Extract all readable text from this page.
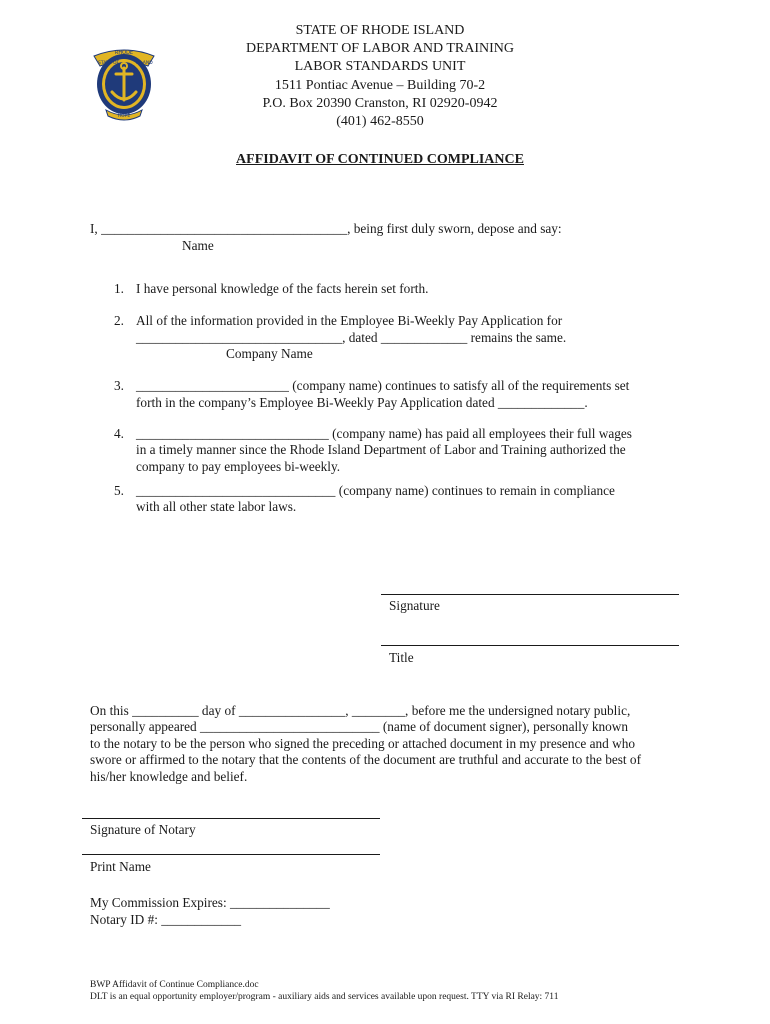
RHODE
STATE OF	ISLAND
HOPE
STATE OF RHODE ISLAND
DEPARTMENT OF LABOR AND TRAINING
LABOR STANDARDS UNIT
1511 Pontiac Avenue – Building 70-2
P.O. Box 20390 Cranston, RI 02920-0942
(401) 462-8550
AFFIDAVIT OF CONTINUED COMPLIANCE
I, _____________________________________, being first duly sworn, depose and say:
Name
1. I have personal knowledge of the facts herein set forth.
2. All of the information provided in the Employee Bi-Weekly Pay Application for
_______________________________, dated _____________ remains the same.
Company Name
3. _______________________ (company name) continues to satisfy all of the requirements set
forth in the company’s Employee Bi-Weekly Pay Application dated _____________.
4. _____________________________ (company name) has paid all employees their full wages
in a timely manner since the Rhode Island Department of Labor and Training authorized the
company to pay employees bi-weekly.
5. ______________________________ (company name) continues to remain in compliance
with all other state labor laws.
Signature
Title
On this __________ day of ________________, ________, before me the undersigned notary public,
personally appeared ___________________________ (name of document signer), personally known
to the notary to be the person who signed the preceding or attached document in my presence and who
swore or affirmed to the notary that the contents of the document are truthful and accurate to the best of
his/her knowledge and belief.
Signature of Notary
Print Name
My Commission Expires: _______________
Notary ID #: ____________
BWP Affidavit of Continue Compliance.doc
DLT is an equal opportunity employer/program - auxiliary aids and services available upon request. TTY via RI Relay: 711
